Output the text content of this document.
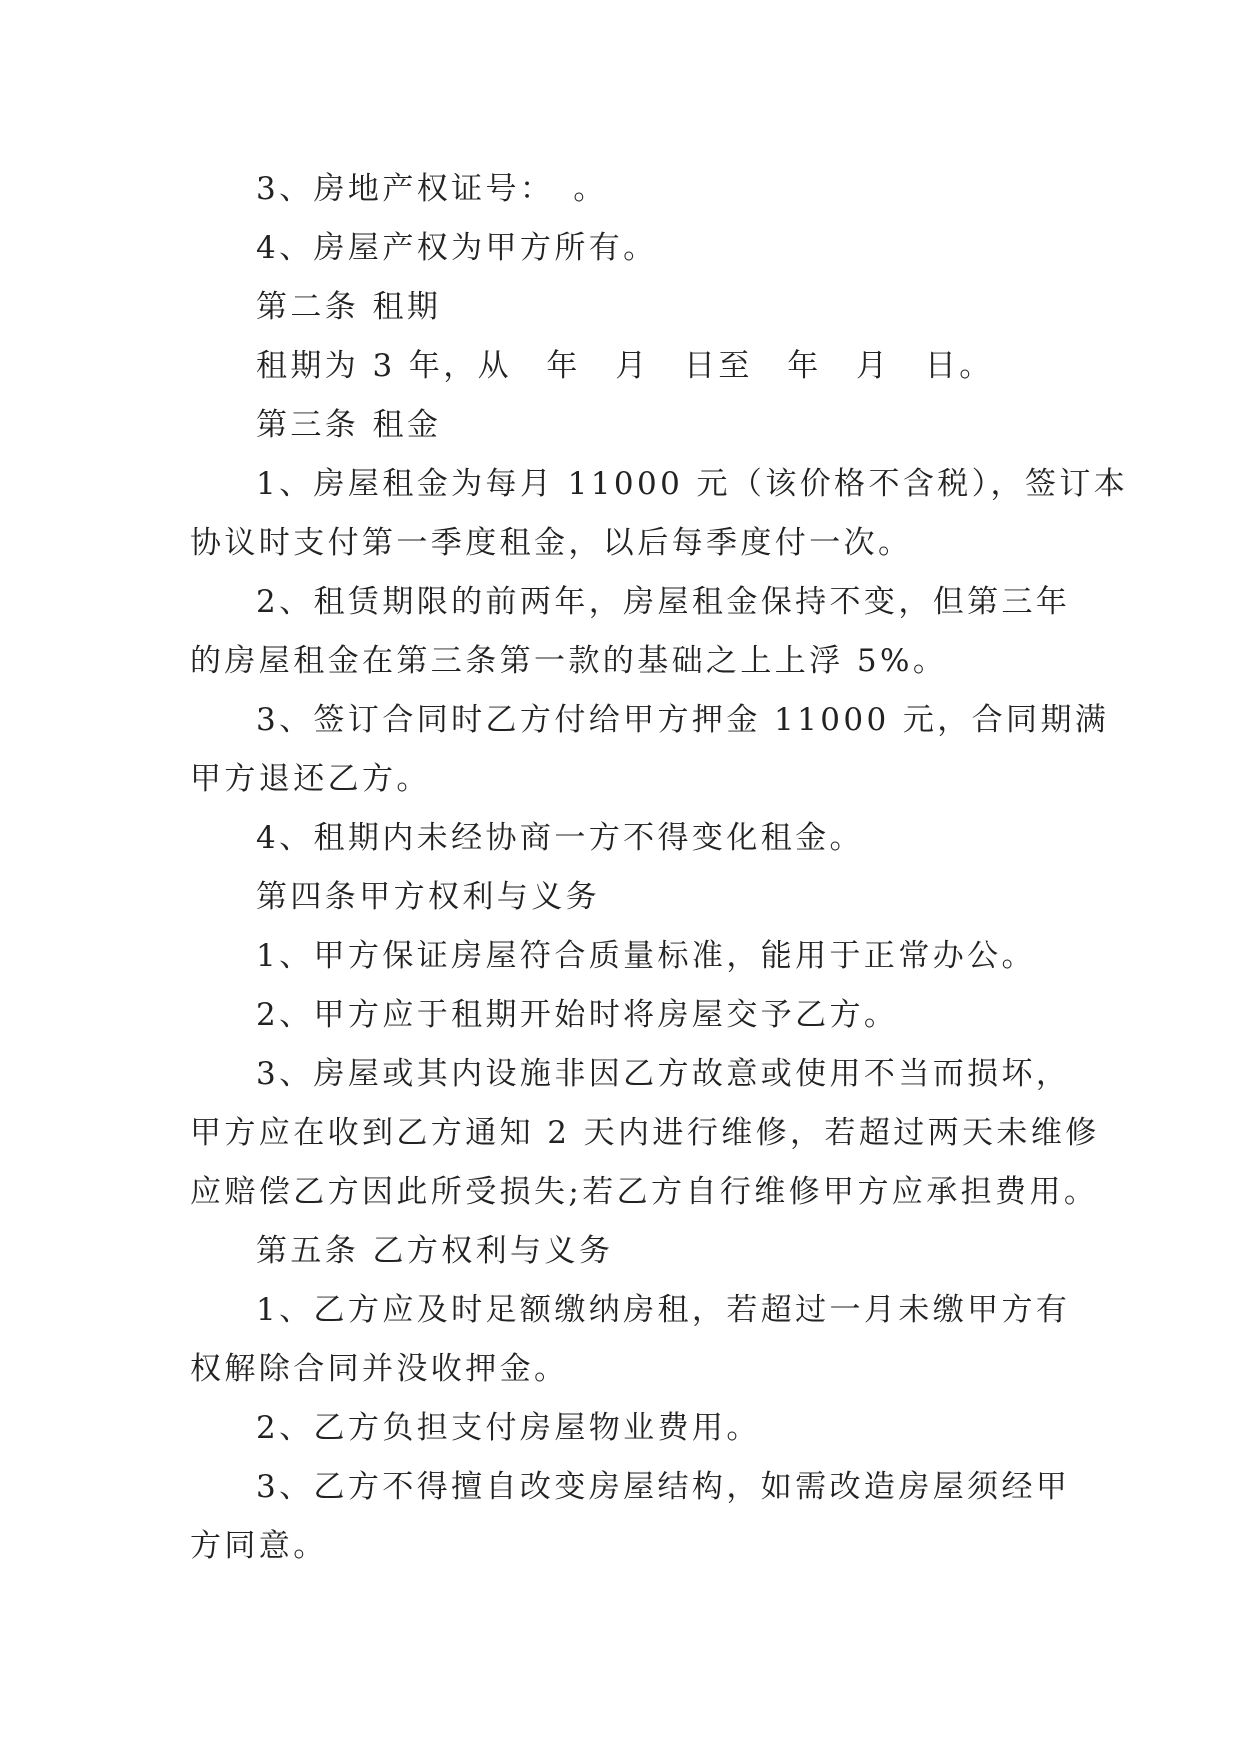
3、房地产权证号：　。
4、房屋产权为甲方所有。
第二条 租期
租期为 3 年，从　年　月　日至　年　月　日。
第三条 租金
1、房屋租金为每月 11000 元（该价格不含税），签订本
协议时支付第一季度租金，以后每季度付一次。
2、租赁期限的前两年，房屋租金保持不变，但第三年
的房屋租金在第三条第一款的基础之上上浮 5%。
3、签订合同时乙方付给甲方押金 11000 元，合同期满
甲方退还乙方。
4、租期内未经协商一方不得变化租金。
第四条甲方权利与义务
1、甲方保证房屋符合质量标准，能用于正常办公。
2、甲方应于租期开始时将房屋交予乙方。
3、房屋或其内设施非因乙方故意或使用不当而损坏，
甲方应在收到乙方通知 2 天内进行维修，若超过两天未维修
应赔偿乙方因此所受损失;若乙方自行维修甲方应承担费用。
第五条 乙方权利与义务
1、乙方应及时足额缴纳房租，若超过一月未缴甲方有
权解除合同并没收押金。
2、乙方负担支付房屋物业费用。
3、乙方不得擅自改变房屋结构，如需改造房屋须经甲
方同意。
